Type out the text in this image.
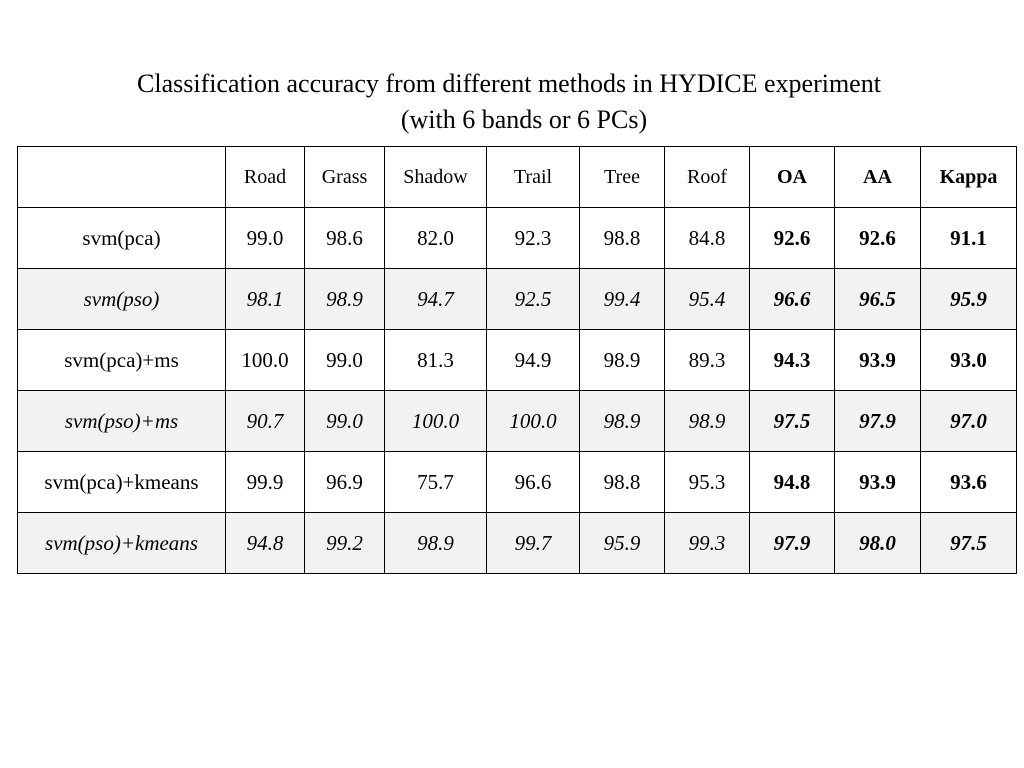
Classification accuracy from different methods in HYDICE experiment
(with 6 bands or 6 PCs)
	Road	Grass	Shadow	Trail	Tree	Roof	OA	AA	Kappa
svm(pca)	99.0	98.6	82.0	92.3	98.8	84.8	92.6	92.6	91.1
svm(pso)	98.1	98.9	94.7	92.5	99.4	95.4	96.6	96.5	95.9
svm(pca)+ms	100.0	99.0	81.3	94.9	98.9	89.3	94.3	93.9	93.0
svm(pso)+ms	90.7	99.0	100.0	100.0	98.9	98.9	97.5	97.9	97.0
svm(pca)+kmeans	99.9	96.9	75.7	96.6	98.8	95.3	94.8	93.9	93.6
svm(pso)+kmeans	94.8	99.2	98.9	99.7	95.9	99.3	97.9	98.0	97.5
